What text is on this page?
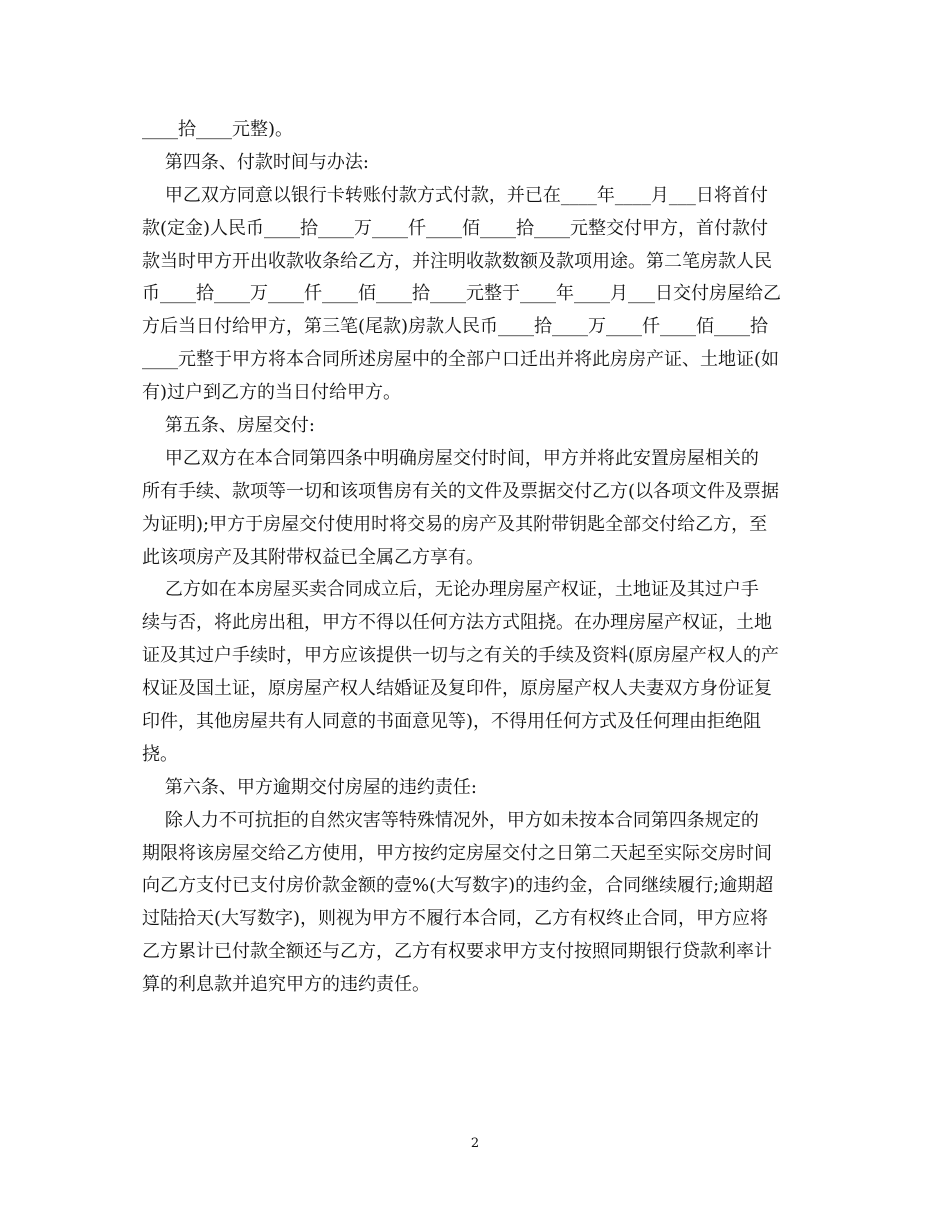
____拾____元整)。
第四条、付款时间与办法:
甲乙双方同意以银行卡转账付款方式付款，并已在____年____月___日将首付
款(定金)人民币____拾____万____仟____佰____拾____元整交付甲方，首付款付
款当时甲方开出收款收条给乙方，并注明收款数额及款项用途。第二笔房款人民
币____拾____万____仟____佰____拾____元整于____年____月___日交付房屋给乙
方后当日付给甲方，第三笔(尾款)房款人民币____拾____万____仟____佰____拾
____元整于甲方将本合同所述房屋中的全部户口迁出并将此房房产证、土地证(如
有)过户到乙方的当日付给甲方。
第五条、房屋交付:
甲乙双方在本合同第四条中明确房屋交付时间，甲方并将此安置房屋相关的
所有手续、款项等一切和该项售房有关的文件及票据交付乙方(以各项文件及票据
为证明);甲方于房屋交付使用时将交易的房产及其附带钥匙全部交付给乙方，至
此该项房产及其附带权益已全属乙方享有。
乙方如在本房屋买卖合同成立后，无论办理房屋产权证，土地证及其过户手
续与否，将此房出租，甲方不得以任何方法方式阻挠。在办理房屋产权证，土地
证及其过户手续时，甲方应该提供一切与之有关的手续及资料(原房屋产权人的产
权证及国土证，原房屋产权人结婚证及复印件，原房屋产权人夫妻双方身份证复
印件，其他房屋共有人同意的书面意见等)，不得用任何方式及任何理由拒绝阻
挠。
第六条、甲方逾期交付房屋的违约责任:
除人力不可抗拒的自然灾害等特殊情况外，甲方如未按本合同第四条规定的
期限将该房屋交给乙方使用，甲方按约定房屋交付之日第二天起至实际交房时间
向乙方支付已支付房价款金额的壹%(大写数字)的违约金，合同继续履行;逾期超
过陆拾天(大写数字)，则视为甲方不履行本合同，乙方有权终止合同，甲方应将
乙方累计已付款全额还与乙方，乙方有权要求甲方支付按照同期银行贷款利率计
算的利息款并追究甲方的违约责任。
2
